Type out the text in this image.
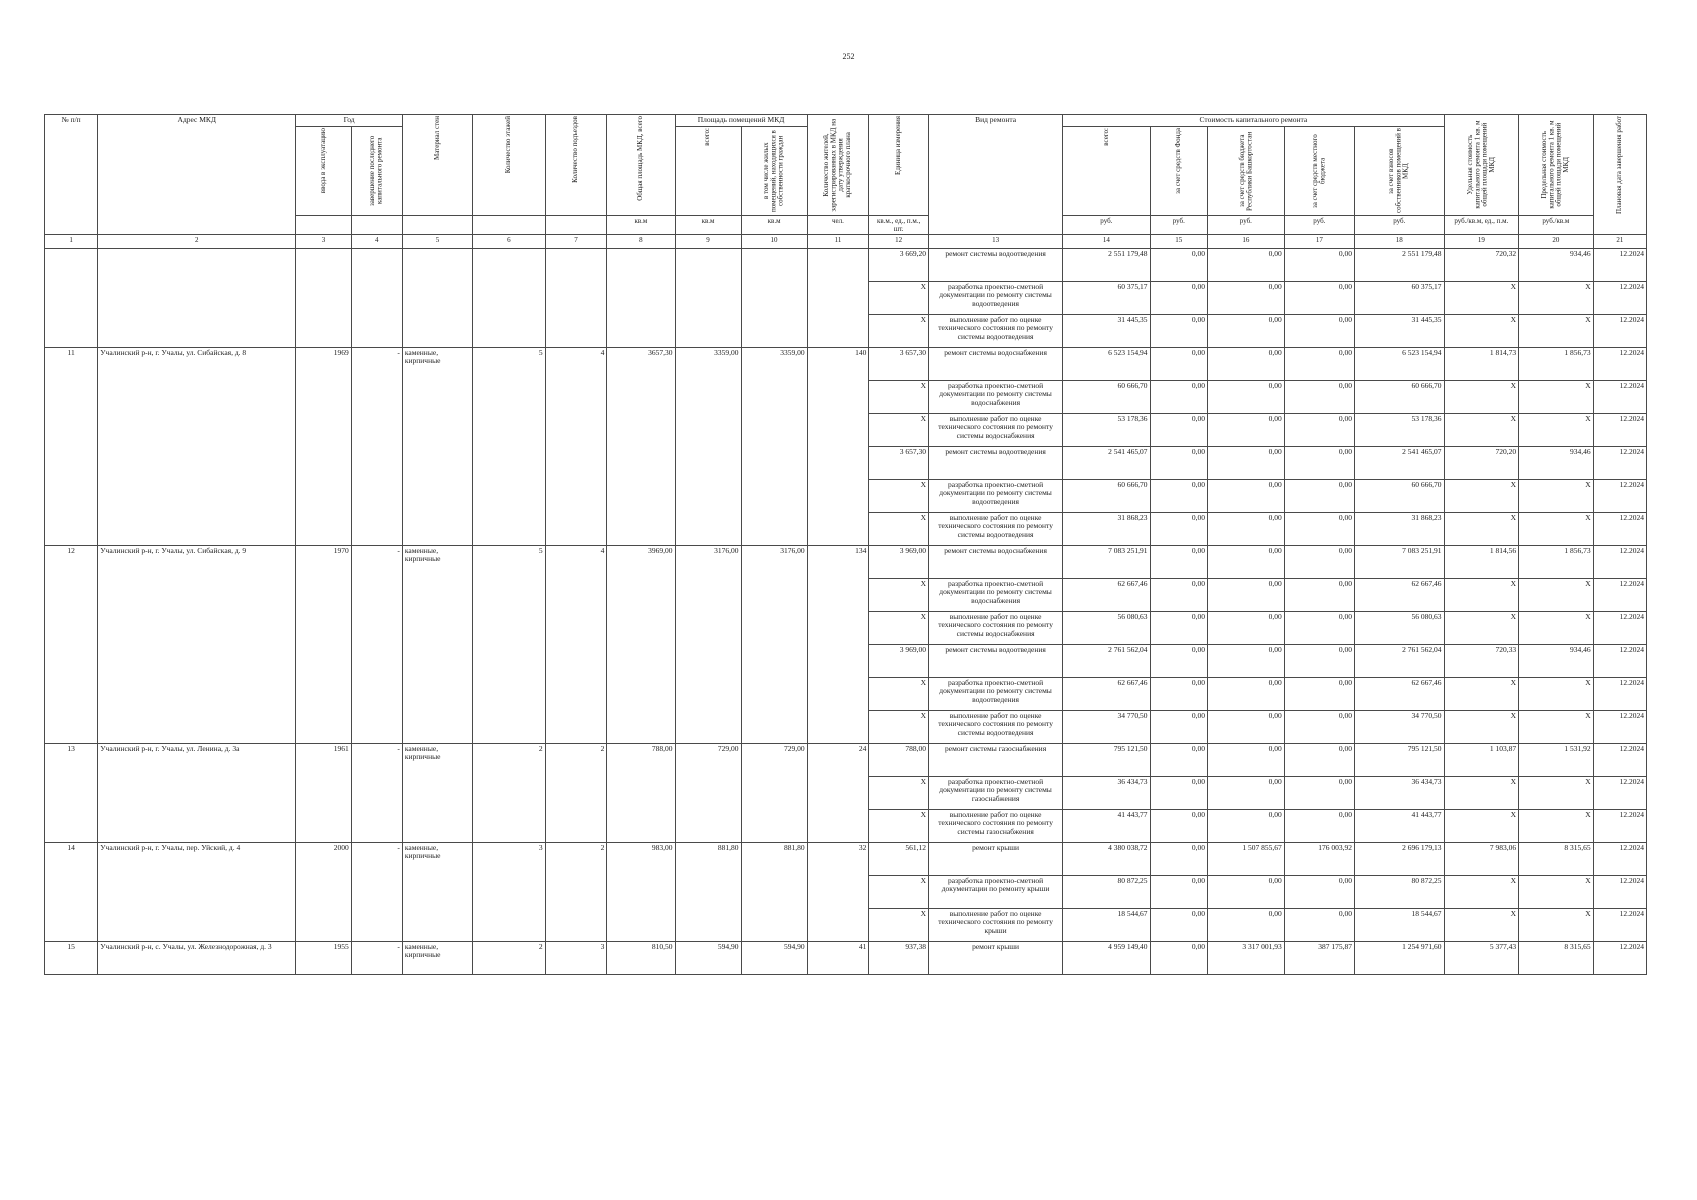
252
№ п/п	Адрес МКД	Год		Материал стен	Количество этажей	Количество подъездов	Общая площадь МКД, всего	Площадь помещений МКД		Количество жителей, зарегистрированных в МКД на дату утверждения краткосрочного плана	Единица измерения	Вид ремонта	Стоимость капитального ремонта					Удельная стоимость капитального ремонта 1 кв. м общей площади помещений МКД	Предельная стоимость капитального ремонта 1 кв. м общей площади помещений МКД	Плановая дата завершения работ

		ввода в эксплуатацию	завершение последнего капитального ремонта					всего:	в том числе жилых помещений, находящихся в собственности граждан				всего:	за счет средств Фонда	за счет средств бюджета Республики Башкортостан	за счет средств местного бюджета	за счет взносов собственников помещений в МКД			

							кв.м	кв.м	кв.м	чел.	кв.м., ед., п.м., шт.		руб.	руб.	руб.	руб.	руб.	руб./кв.м, ед., п.м.	руб./кв.м	
1	2	3	4	5	6	7	8	9	10	11	12	13	14	15	16	17	18	19	20	21
											3 669,20	ремонт системы водоотведения	2 551 179,48	0,00	0,00	0,00	2 551 179,48	720,32	934,46	12.2024
											X	разработка проектно-сметной документации по ремонту системы водоотведения	60 375,17	0,00	0,00	0,00	60 375,17	X	X	12.2024
											X	выполнение работ по оценке технического состояния по ремонту системы водоотведения	31 445,35	0,00	0,00	0,00	31 445,35	X	X	12.2024
11	Учалинский р-н, г. Учалы, ул. Сибайская, д. 8	1969	-	каменные, кирпичные	5	4	3657,30	3359,00	3359,00	140	3 657,30	ремонт системы водоснабжения	6 523 154,94	0,00	0,00	0,00	6 523 154,94	1 814,73	1 856,73	12.2024
											X	разработка проектно-сметной документации по ремонту системы водоснабжения	60 666,70	0,00	0,00	0,00	60 666,70	X	X	12.2024
											X	выполнение работ по оценке технического состояния по ремонту системы водоснабжения	53 178,36	0,00	0,00	0,00	53 178,36	X	X	12.2024
											3 657,30	ремонт системы водоотведения	2 541 465,07	0,00	0,00	0,00	2 541 465,07	720,20	934,46	12.2024
											X	разработка проектно-сметной документации по ремонту системы водоотведения	60 666,70	0,00	0,00	0,00	60 666,70	X	X	12.2024
											X	выполнение работ по оценке технического состояния по ремонту системы водоотведения	31 868,23	0,00	0,00	0,00	31 868,23	X	X	12.2024
12	Учалинский р-н, г. Учалы, ул. Сибайская, д. 9	1970	-	каменные, кирпичные	5	4	3969,00	3176,00	3176,00	134	3 969,00	ремонт системы водоснабжения	7 083 251,91	0,00	0,00	0,00	7 083 251,91	1 814,56	1 856,73	12.2024
											X	разработка проектно-сметной документации по ремонту системы водоснабжения	62 667,46	0,00	0,00	0,00	62 667,46	X	X	12.2024
											X	выполнение работ по оценке технического состояния по ремонту системы водоснабжения	56 080,63	0,00	0,00	0,00	56 080,63	X	X	12.2024
											3 969,00	ремонт системы водоотведения	2 761 562,04	0,00	0,00	0,00	2 761 562,04	720,33	934,46	12.2024
											X	разработка проектно-сметной документации по ремонту системы водоотведения	62 667,46	0,00	0,00	0,00	62 667,46	X	X	12.2024
											X	выполнение работ по оценке технического состояния по ремонту системы водоотведения	34 770,50	0,00	0,00	0,00	34 770,50	X	X	12.2024
13	Учалинский р-н, г. Учалы, ул. Ленина, д. 3а	1961	-	каменные, кирпичные	2	2	788,00	729,00	729,00	24	788,00	ремонт системы газоснабжения	795 121,50	0,00	0,00	0,00	795 121,50	1 103,87	1 531,92	12.2024
											X	разработка проектно-сметной документации по ремонту системы газоснабжения	36 434,73	0,00	0,00	0,00	36 434,73	X	X	12.2024
											X	выполнение работ по оценке технического состояния по ремонту системы газоснабжения	41 443,77	0,00	0,00	0,00	41 443,77	X	X	12.2024
14	Учалинский р-н, г. Учалы, пер. Уйский, д. 4	2000	-	каменные, кирпичные	3	2	983,00	881,80	881,80	32	561,12	ремонт крыши	4 380 038,72	0,00	1 507 855,67	176 003,92	2 696 179,13	7 983,06	8 315,65	12.2024
											X	разработка проектно-сметной документации по ремонту крыши	80 872,25	0,00	0,00	0,00	80 872,25	X	X	12.2024
											X	выполнение работ по оценке технического состояния по ремонту крыши	18 544,67	0,00	0,00	0,00	18 544,67	X	X	12.2024
15	Учалинский р-н, с. Учалы, ул. Железнодорожная, д. 3	1955	-	каменные, кирпичные	2	3	810,50	594,90	594,90	41	937,38	ремонт крыши	4 959 149,40	0,00	3 317 001,93	387 175,87	1 254 971,60	5 377,43	8 315,65	12.2024
